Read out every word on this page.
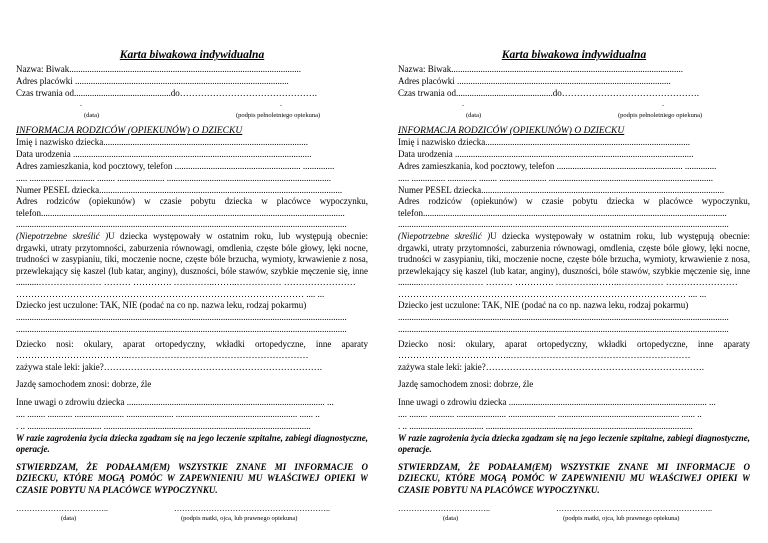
Karta biwakowa indywidualna
Nazwa: Biwak.......................................................................................................
Adres placówki ...............................................................................................
Czas trwania od...........................................do……………………………………….
.	.
(data)	(podpis pełnoletniego opiekuna)
INFORMACJA RODZICÓW (OPIEKUNÓW) O DZIECKU
Imię i nazwisko dziecka...........................................................................................
Data urodzenia ..........................................................................................................
Adres zamieszkania, kod pocztowy, telefon ........................................................ ..............
..... ............... ............. ........ ..................... .........................................................................
Numer PESEL dziecka............................................................................................................
Adres rodziców (opiekunów) w czasie pobytu dziecka w placówce wypoczynku, telefon.......................................................................................................................................
...................................................................................................................................................
(Niepotrzebne skreślić )U dziecka występowały w ostatnim roku, lub występują obecnie: drgawki, utraty przytomności, zaburzenia równowagi, omdlenia, częste bóle głowy, lęki nocne, trudności w zasypianiu, tiki, moczenie nocne, częste bóle brzucha, wymioty, krwawienie z nosa, przewlekający się kaszel (lub katar, anginy), duszności, bóle stawów, szybkie męczenie się, inne ..........………………… ……… …………. …………..……..…………… ……………………
…………………………………………………………………………………… .... ...
Dziecko jest uczulone: TAK, NIE (podać na co np. nazwa leku, rodzaj pokarmu)
...................................................................................................................................................
...................................................................................................................................................
Dziecko nosi: okulary, aparat ortopedyczny, wkładki ortopedyczne, inne aparaty ………………………………..……………………………………………………
zażywa stale leki: jakie?……………………………………………………………….
Jazdę samochodem znosi: dobrze, źle
Inne uwagi o zdrowiu dziecka ........................................................................................ ...
.... ........ ........... ...................... ..................... ...................................................... ...... ..
. .. ................................. ............................................................................................
W razie zagrożenia życia dziecka zgadzam się na jego leczenie szpitalne, zabiegi diagnostyczne, operacje.
STWIERDZAM, ŻE PODAŁAM(EM) WSZYSTKIE ZNANE MI INFORMACJE O DZIECKU, KTÓRE MOGĄ POMÓC W ZAPEWNIENIU MU WŁAŚCIWEJ OPIEKI W CZASIE POBYTU NA PLACÓWCE WYPOCZYNKU.
……………………………..	…………………………………………………..
(data)	(podpis matki, ojca, lub prawnego opiekuna)
Karta biwakowa indywidualna
Nazwa: Biwak.......................................................................................................
Adres placówki ...............................................................................................
Czas trwania od...........................................do……………………………………….
.	.
(data)	(podpis pełnoletniego opiekuna)
INFORMACJA RODZICÓW (OPIEKUNÓW) O DZIECKU
Imię i nazwisko dziecka...........................................................................................
Data urodzenia ..........................................................................................................
Adres zamieszkania, kod pocztowy, telefon ........................................................ ..............
..... ............... ............. ........ ..................... .........................................................................
Numer PESEL dziecka............................................................................................................
Adres rodziców (opiekunów) w czasie pobytu dziecka w placówce wypoczynku, telefon.......................................................................................................................................
...................................................................................................................................................
(Niepotrzebne skreślić )U dziecka występowały w ostatnim roku, lub występują obecnie: drgawki, utraty przytomności, zaburzenia równowagi, omdlenia, częste bóle głowy, lęki nocne, trudności w zasypianiu, tiki, moczenie nocne, częste bóle brzucha, wymioty, krwawienie z nosa, przewlekający się kaszel (lub katar, anginy), duszności, bóle stawów, szybkie męczenie się, inne ..........………………… ……… …………. …………..……..…………… ……………………
…………………………………………………………………………………… .... ...
Dziecko jest uczulone: TAK, NIE (podać na co np. nazwa leku, rodzaj pokarmu)
...................................................................................................................................................
...................................................................................................................................................
Dziecko nosi: okulary, aparat ortopedyczny, wkładki ortopedyczne, inne aparaty ………………………………..……………………………………………………
zażywa stale leki: jakie?……………………………………………………………….
Jazdę samochodem znosi: dobrze, źle
Inne uwagi o zdrowiu dziecka ........................................................................................ ...
.... ........ ........... ...................... ..................... ...................................................... ...... ..
. .. ................................. ............................................................................................
W razie zagrożenia życia dziecka zgadzam się na jego leczenie szpitalne, zabiegi diagnostyczne, operacje.
STWIERDZAM, ŻE PODAŁAM(EM) WSZYSTKIE ZNANE MI INFORMACJE O DZIECKU, KTÓRE MOGĄ POMÓC W ZAPEWNIENIU MU WŁAŚCIWEJ OPIEKI W CZASIE POBYTU NA PLACÓWCE WYPOCZYNKU.
……………………………..	…………………………………………………..
(data)	(podpis matki, ojca, lub prawnego opiekuna)
